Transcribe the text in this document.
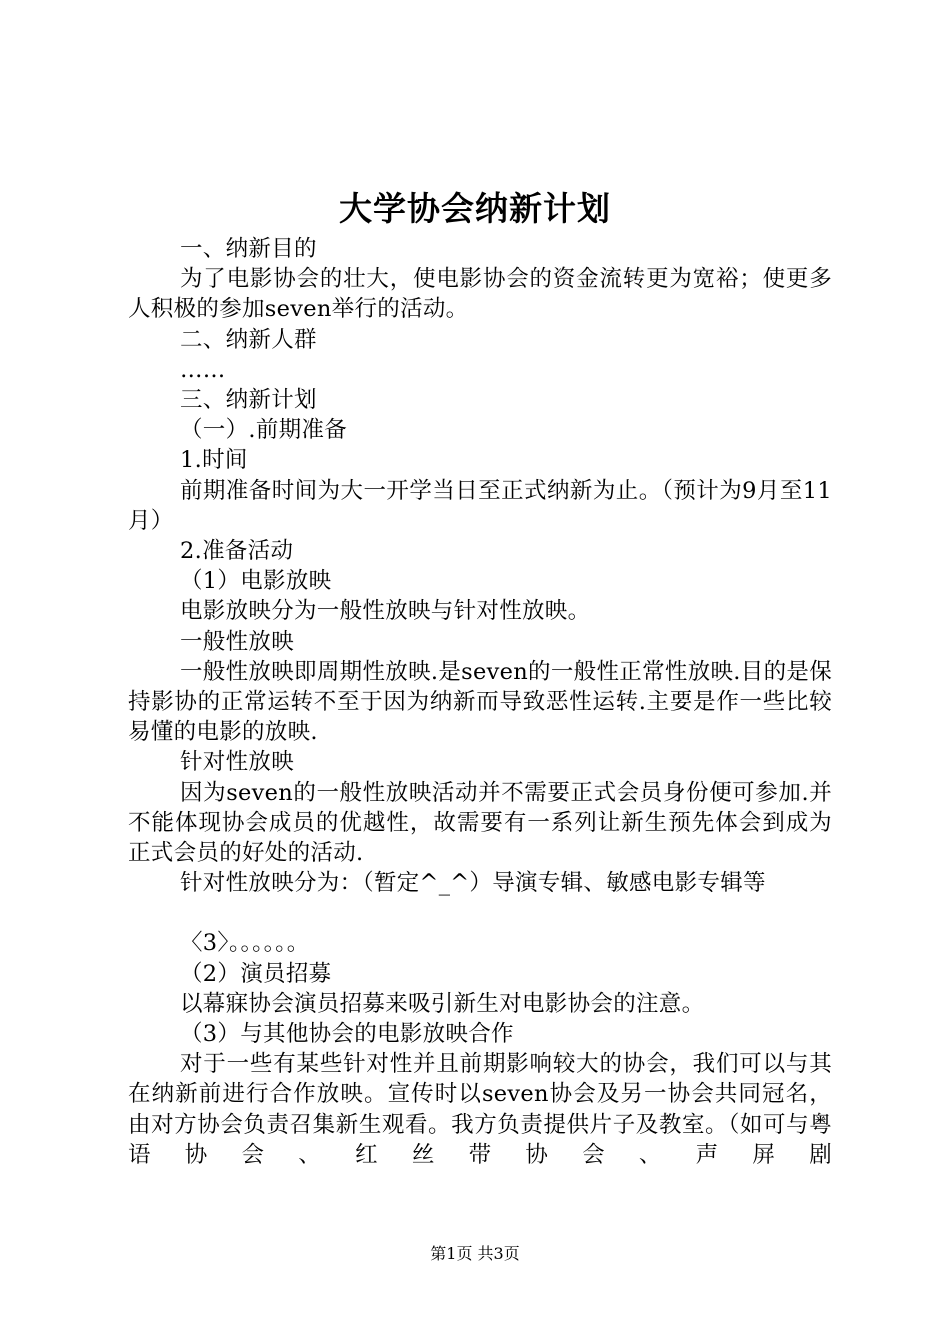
大学协会纳新计划

一、纳新目的

为了电影协会的壮大，使电影协会的资金流转更为宽裕；使更多人积极的参加seven举行的活动。

二、纳新人群

……

三、纳新计划

（一）.前期准备

1.时间

前期准备时间为大一开学当日至正式纳新为止。（预计为9月至11月）

2.准备活动

（1）电影放映

电影放映分为一般性放映与针对性放映。

一般性放映

一般性放映即周期性放映.是seven的一般性正常性放映.目的是保持影协的正常运转不至于因为纳新而导致恶性运转.主要是作一些比较易懂的电影的放映.

针对性放映

因为seven的一般性放映活动并不需要正式会员身份便可参加.并不能体现协会成员的优越性，故需要有一系列让新生预先体会到成为正式会员的好处的活动.

针对性放映分为：（暂定^_^）导演专辑、敏感电影专辑等

〈3〉。。。。。。

（2）演员招募

以幕寐协会演员招募来吸引新生对电影协会的注意。

（3）与其他协会的电影放映合作

对于一些有某些针对性并且前期影响较大的协会，我们可以与其在纳新前进行合作放映。宣传时以seven协会及另一协会共同冠名，由对方协会负责召集新生观看。我方负责提供片子及教室。（如可与粤语协会、红丝带协会、声屏剧

第1页 共3页
